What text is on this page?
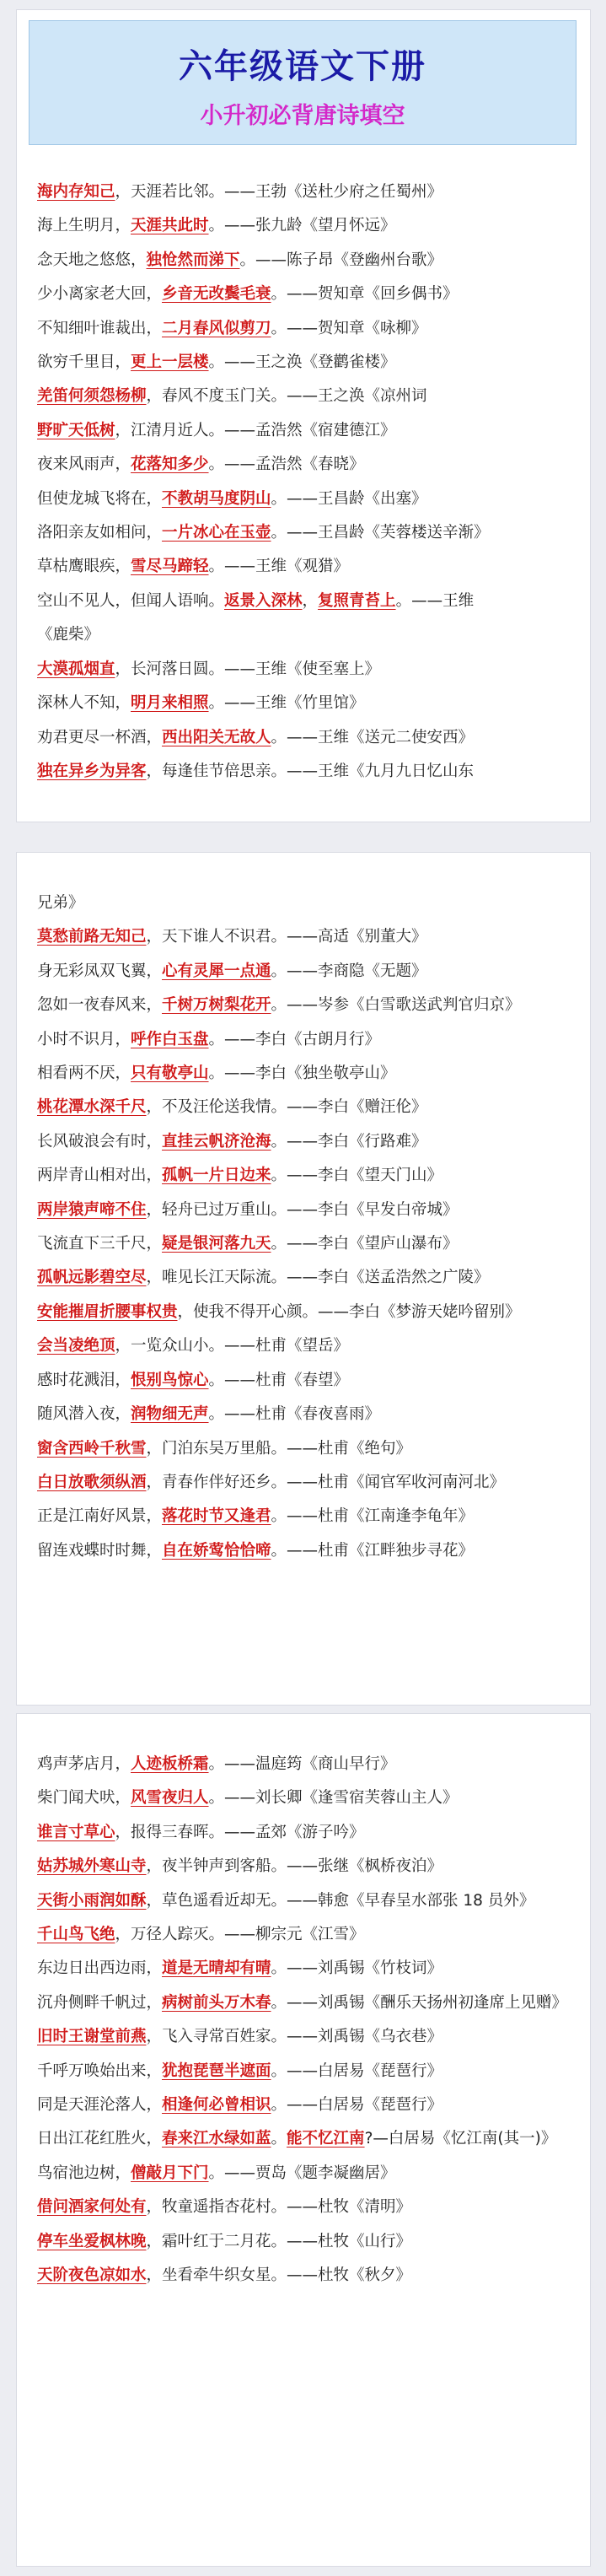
六年级语文下册
小升初必背唐诗填空
海内存知己，天涯若比邻。——王勃《送杜少府之任蜀州》
海上生明月，天涯共此时。——张九龄《望月怀远》
念天地之悠悠，独怆然而涕下。——陈子昂《登幽州台歌》
少小离家老大回，乡音无改鬓毛衰。——贺知章《回乡偶书》
不知细叶谁裁出，二月春风似剪刀。——贺知章《咏柳》
欲穷千里目，更上一层楼。——王之涣《登鹳雀楼》
羌笛何须怨杨柳，春风不度玉门关。——王之涣《凉州词
野旷天低树，江清月近人。——孟浩然《宿建德江》
夜来风雨声，花落知多少。——孟浩然《春晓》
但使龙城飞将在，不教胡马度阴山。——王昌龄《出塞》
洛阳亲友如相问，一片冰心在玉壶。——王昌龄《芙蓉楼送辛渐》
草枯鹰眼疾，雪尽马蹄轻。——王维《观猎》
空山不见人，但闻人语响。返景入深林，复照青苔上。——王维
《鹿柴》
大漠孤烟直，长河落日圆。——王维《使至塞上》
深林人不知，明月来相照。——王维《竹里馆》
劝君更尽一杯酒，西出阳关无故人。——王维《送元二使安西》
独在异乡为异客，每逢佳节倍思亲。——王维《九月九日忆山东
兄弟》
莫愁前路无知己，天下谁人不识君。——高适《别董大》
身无彩凤双飞翼，心有灵犀一点通。——李商隐《无题》
忽如一夜春风来，千树万树梨花开。——岑参《白雪歌送武判官归京》
小时不识月，呼作白玉盘。——李白《古朗月行》
相看两不厌，只有敬亭山。——李白《独坐敬亭山》
桃花潭水深千尺，不及汪伦送我情。——李白《赠汪伦》
长风破浪会有时，直挂云帆济沧海。——李白《行路难》
两岸青山相对出，孤帆一片日边来。——李白《望天门山》
两岸猿声啼不住，轻舟已过万重山。——李白《早发白帝城》
飞流直下三千尺，疑是银河落九天。——李白《望庐山瀑布》
孤帆远影碧空尽，唯见长江天际流。——李白《送孟浩然之广陵》
安能摧眉折腰事权贵，使我不得开心颜。——李白《梦游天姥吟留别》
会当凌绝顶，一览众山小。——杜甫《望岳》
感时花溅泪，恨别鸟惊心。——杜甫《春望》
随风潜入夜，润物细无声。——杜甫《春夜喜雨》
窗含西岭千秋雪，门泊东吴万里船。——杜甫《绝句》
白日放歌须纵酒，青春作伴好还乡。——杜甫《闻官军收河南河北》
正是江南好风景，落花时节又逢君。——杜甫《江南逢李龟年》
留连戏蝶时时舞，自在娇莺恰恰啼。——杜甫《江畔独步寻花》
鸡声茅店月，人迹板桥霜。——温庭筠《商山早行》
柴门闻犬吠，风雪夜归人。——刘长卿《逢雪宿芙蓉山主人》
谁言寸草心，报得三春晖。——孟郊《游子吟》
姑苏城外寒山寺，夜半钟声到客船。——张继《枫桥夜泊》
天街小雨润如酥，草色遥看近却无。——韩愈《早春呈水部张 18 员外》
千山鸟飞绝，万径人踪灭。——柳宗元《江雪》
东边日出西边雨，道是无晴却有晴。——刘禹锡《竹枝词》
沉舟侧畔千帆过，病树前头万木春。——刘禹锡《酬乐天扬州初逢席上见赠》
旧时王谢堂前燕，飞入寻常百姓家。——刘禹锡《乌衣巷》
千呼万唤始出来，犹抱琵琶半遮面。——白居易《琵琶行》
同是天涯沦落人，相逢何必曾相识。——白居易《琵琶行》
日出江花红胜火，春来江水绿如蓝。能不忆江南?—白居易《忆江南(其一)》
鸟宿池边树，僧敲月下门。——贾岛《题李凝幽居》
借问酒家何处有，牧童遥指杏花村。——杜牧《清明》
停车坐爱枫林晚，霜叶红于二月花。——杜牧《山行》
天阶夜色凉如水，坐看牵牛织女星。——杜牧《秋夕》
